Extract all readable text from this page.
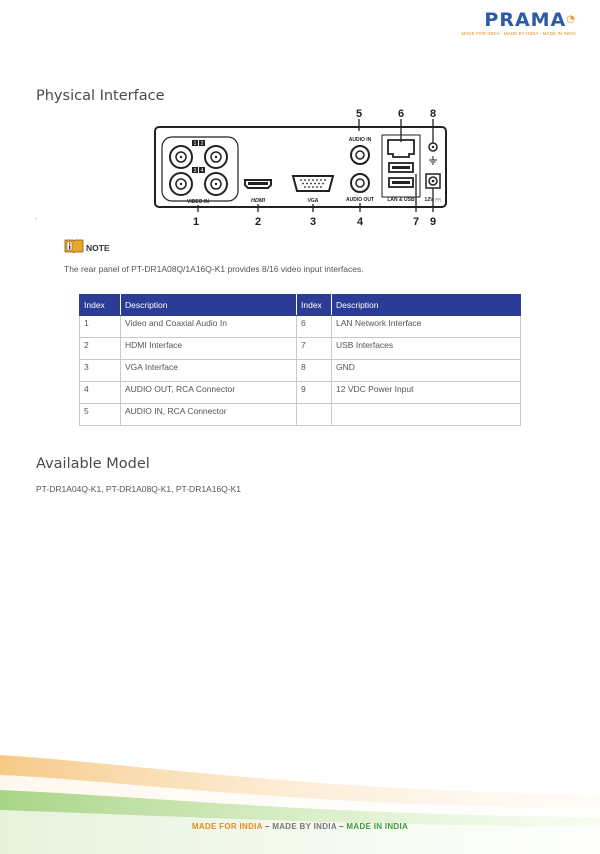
PRAMA◔
MADE FOR INDIA · MADE BY INDIA · MADE IN INDIA
Physical Interface
1 2
3 4
VIDEO IN	HDMI	VGA
AUDIO IN
AUDIO OUT	LAN & USB 12V
1	2	3	4
5	6
7
8
9
.
NOTE
The rear panel of PT-DR1A08Q/1A16Q-K1 provides 8/16 video input interfaces.
Index	Description	Index	Description
1	Video and Coaxial Audio In	6	LAN Network Interface
2	HDMI Interface	7	USB Interfaces
3	VGA Interface	8	GND
4	AUDIO OUT, RCA Connector	9	12 VDC Power Input
5	AUDIO IN, RCA Connector		
Available Model
PT-DR1A04Q-K1, PT-DR1A08Q-K1, PT-DR1A16Q-K1
MADE FOR INDIA – MADE BY INDIA – MADE IN INDIA
